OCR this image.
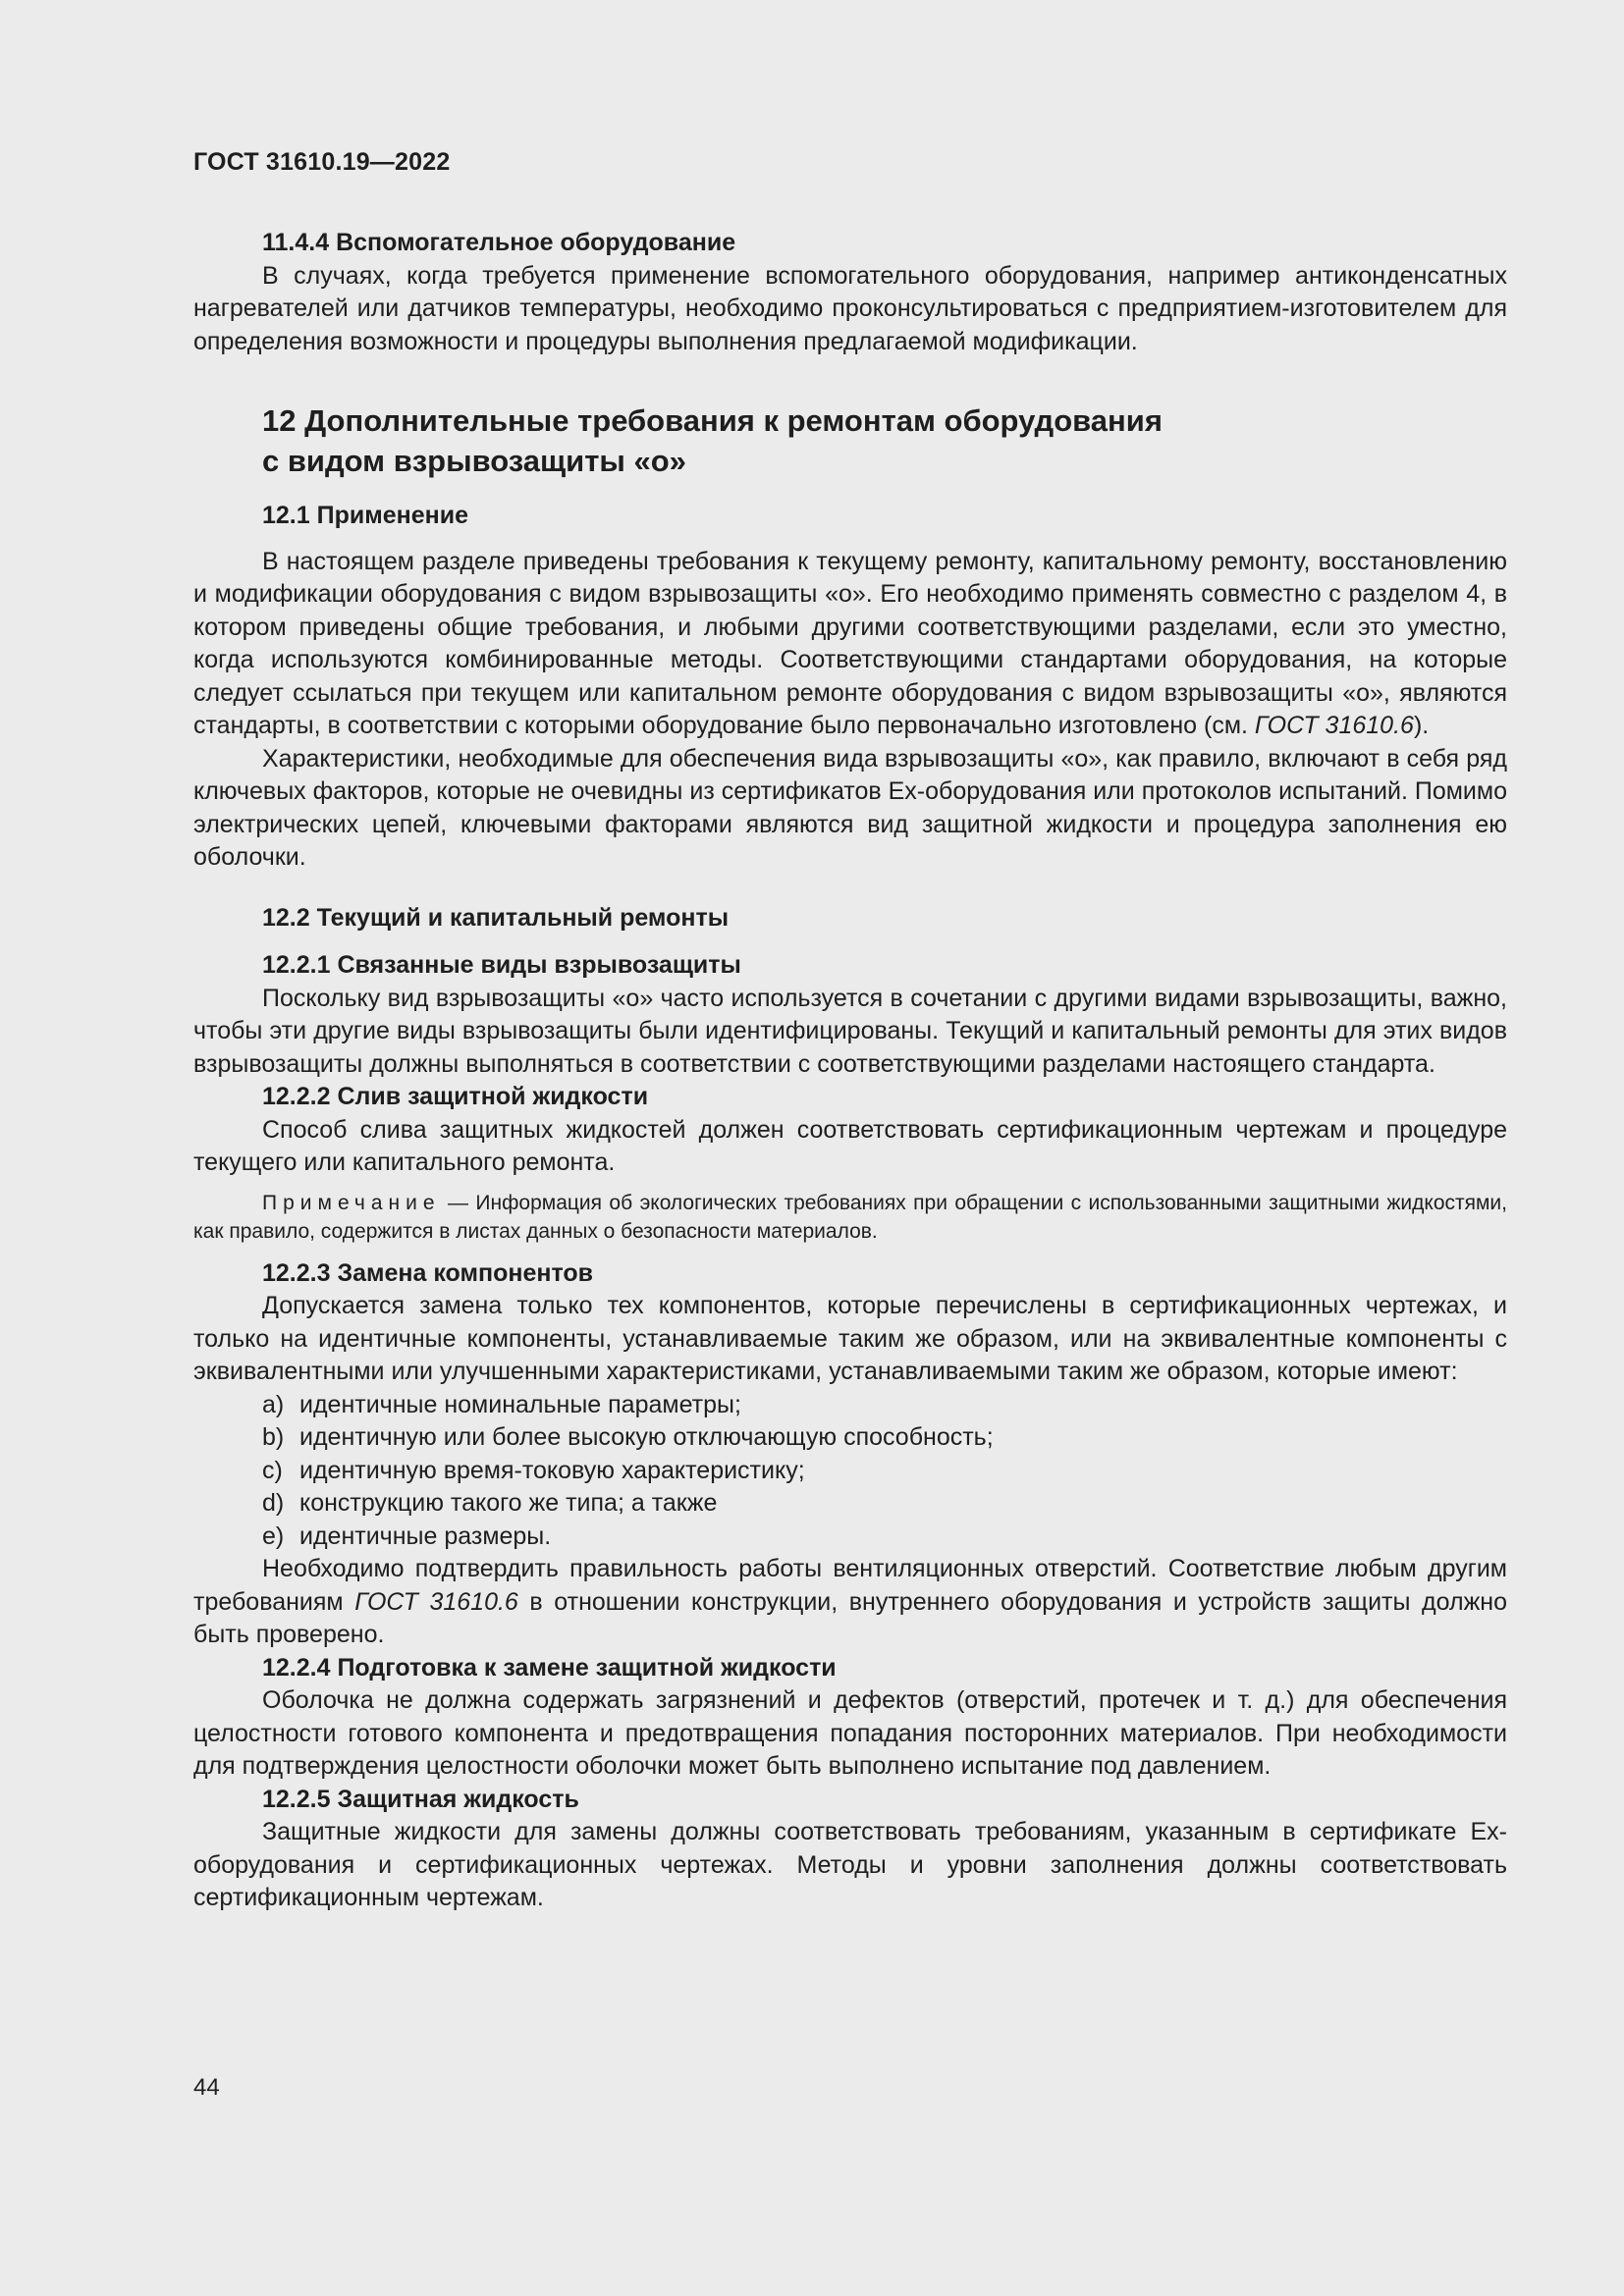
ГОСТ 31610.19—2022
11.4.4 Вспомогательное оборудование

В случаях, когда требуется применение вспомогательного оборудования, например антиконденсатных нагревателей или датчиков температуры, необходимо проконсультироваться с предприятием-изготовителем для определения возможности и процедуры выполнения предлагаемой модификации.

12 Дополнительные требования к ремонтам оборудования
с видом взрывозащиты «о»
12.1 Применение

В настоящем разделе приведены требования к текущему ремонту, капитальному ремонту, восстановлению и модификации оборудования с видом взрывозащиты «о». Его необходимо применять совместно с разделом 4, в котором приведены общие требования, и любыми другими соответствующими разделами, если это уместно, когда используются комбинированные методы. Соответствующими стандартами оборудования, на которые следует ссылаться при текущем или капитальном ремонте оборудования с видом взрывозащиты «о», являются стандарты, в соответствии с которыми оборудование было первоначально изготовлено (см. ГОСТ 31610.6).

Характеристики, необходимые для обеспечения вида взрывозащиты «о», как правило, включают в себя ряд ключевых факторов, которые не очевидны из сертификатов Ex-оборудования или протоколов испытаний. Помимо электрических цепей, ключевыми факторами являются вид защитной жидкости и процедура заполнения ею оболочки.

12.2 Текущий и капитальный ремонты
12.2.1 Связанные виды взрывозащиты

Поскольку вид взрывозащиты «о» часто используется в сочетании с другими видами взрывозащиты, важно, чтобы эти другие виды взрывозащиты были идентифицированы. Текущий и капитальный ремонты для этих видов взрывозащиты должны выполняться в соответствии с соответствующими разделами настоящего стандарта.

12.2.2 Слив защитной жидкости

Способ слива защитных жидкостей должен соответствовать сертификационным чертежам и процедуре текущего или капитального ремонта.

Примечание — Информация об экологических требованиях при обращении с использованными защитными жидкостями, как правило, содержится в листах данных о безопасности материалов.

12.2.3 Замена компонентов

Допускается замена только тех компонентов, которые перечислены в сертификационных чертежах, и только на идентичные компоненты, устанавливаемые таким же образом, или на эквивалентные компоненты с эквивалентными или улучшенными характеристиками, устанавливаемыми таким же образом, которые имеют:

a) идентичные номинальные параметры;
b) идентичную или более высокую отключающую способность;
c) идентичную время-токовую характеристику;
d) конструкцию такого же типа; а также
e) идентичные размеры.

Необходимо подтвердить правильность работы вентиляционных отверстий. Соответствие любым другим требованиям ГОСТ 31610.6 в отношении конструкции, внутреннего оборудования и устройств защиты должно быть проверено.

12.2.4 Подготовка к замене защитной жидкости

Оболочка не должна содержать загрязнений и дефектов (отверстий, протечек и т. д.) для обеспечения целостности готового компонента и предотвращения попадания посторонних материалов. При необходимости для подтверждения целостности оболочки может быть выполнено испытание под давлением.

12.2.5 Защитная жидкость

Защитные жидкости для замены должны соответствовать требованиям, указанным в сертификате Ex-оборудования и сертификационных чертежах. Методы и уровни заполнения должны соответствовать сертификационным чертежам.

44
